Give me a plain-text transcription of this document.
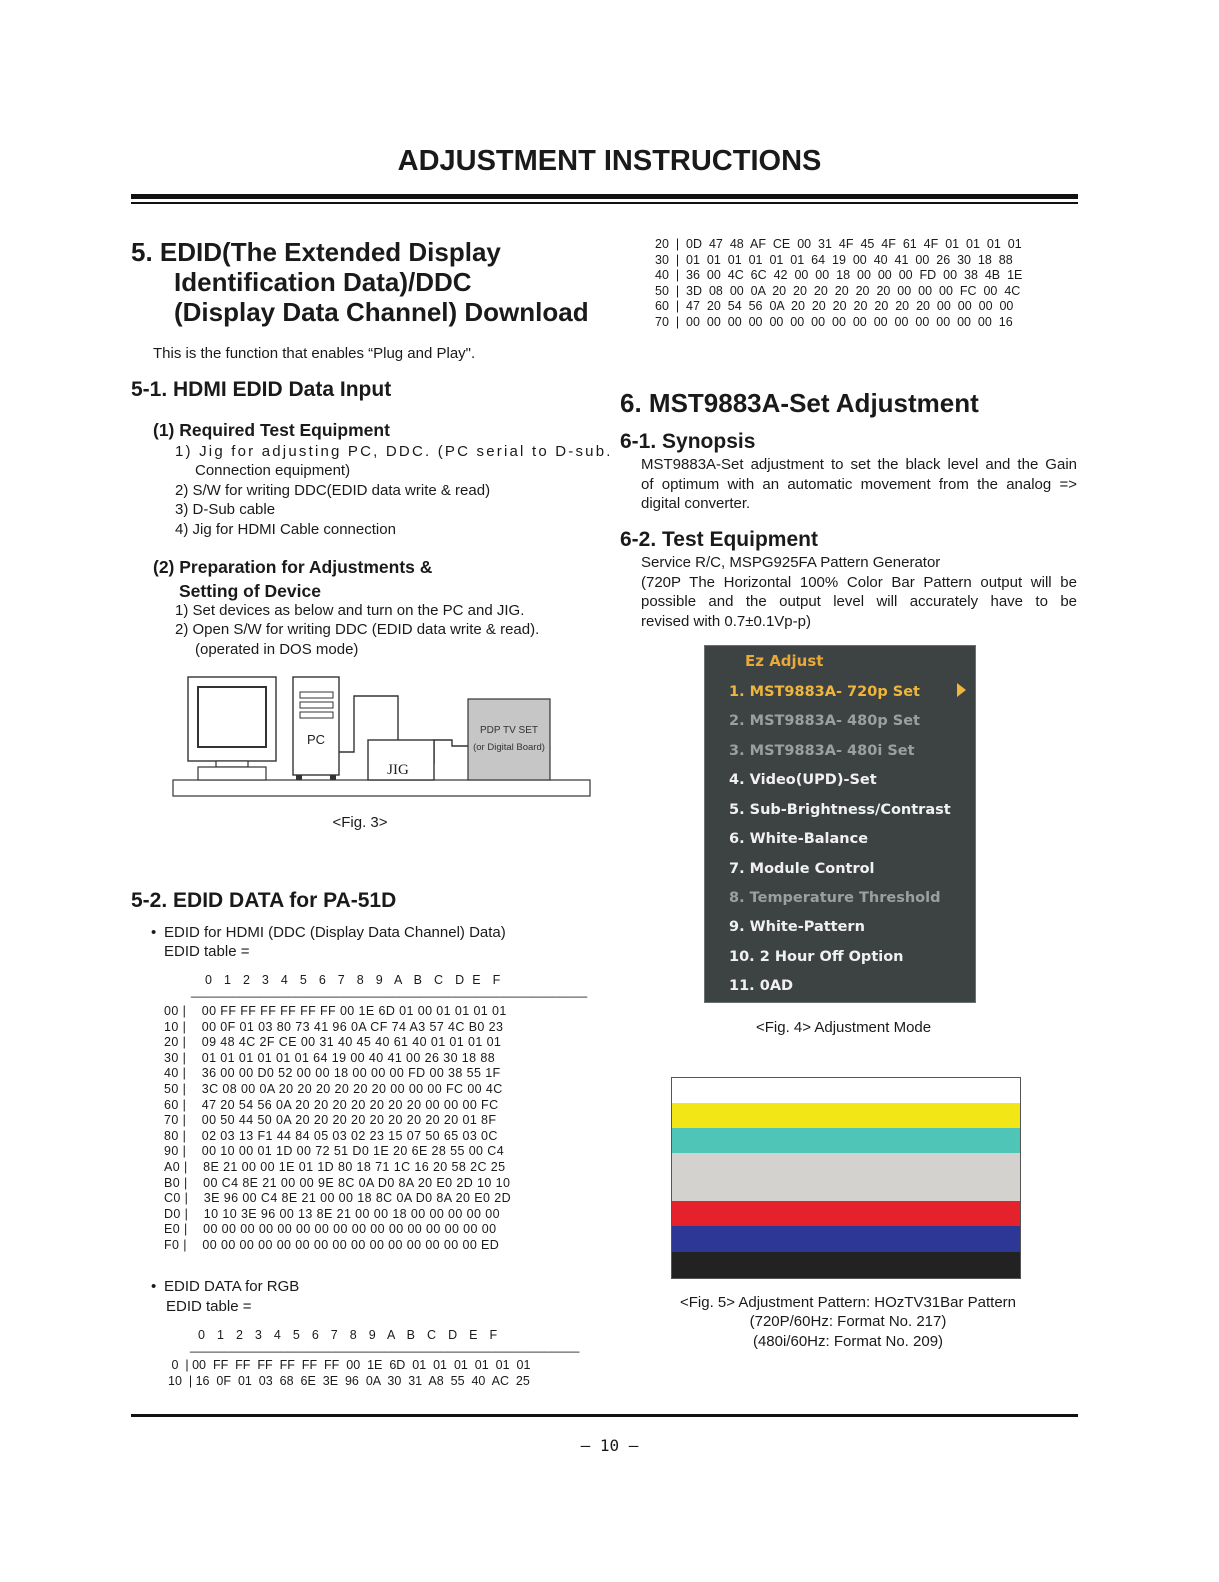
ADJUSTMENT INSTRUCTIONS
5. EDID(The Extended Display
Identification Data)/DDC
(Display Data Channel) Download
This is the function that enables “Plug and Play".
5-1. HDMI EDID Data Input
(1) Required Test Equipment
1) Jig for adjusting PC, DDC. (PC serial to D-sub.
Connection equipment)
2) S/W for writing DDC(EDID data write & read)
3) D-Sub cable
4) Jig for HDMI Cable connection
(2) Preparation for Adjustments &
Setting of Device
1) Set devices as below and turn on the PC and JIG.
2) Open S/W for writing DDC (EDID data write & read).
(operated in DOS mode)
PC
JIG
PDP TV SET
(or Digital Board)
<Fig. 3>
5-2. EDID DATA for PA-51D
• EDID for HDMI (DDC (Display Data Channel) Data)
EDID table =
0   1   2   3   4   5   6   7   8   9   A   B   C   D  E   F
_________________________________________________________
00 |    00 FF FF FF FF FF FF 00 1E 6D 01 00 01 01 01 01
10 |    00 0F 01 03 80 73 41 96 0A CF 74 A3 57 4C B0 23
20 |    09 48 4C 2F CE 00 31 40 45 40 61 40 01 01 01 01
30 |    01 01 01 01 01 01 64 19 00 40 41 00 26 30 18 88
40 |    36 00 00 D0 52 00 00 18 00 00 00 FD 00 38 55 1F
50 |    3C 08 00 0A 20 20 20 20 20 20 00 00 00 FC 00 4C
60 |    47 20 54 56 0A 20 20 20 20 20 20 20 00 00 00 FC
70 |    00 50 44 50 0A 20 20 20 20 20 20 20 20 20 01 8F
80 |    02 03 13 F1 44 84 05 03 02 23 15 07 50 65 03 0C
90 |    00 10 00 01 1D 00 72 51 D0 1E 20 6E 28 55 00 C4
A0 |    8E 21 00 00 1E 01 1D 80 18 71 1C 16 20 58 2C 25
B0 |    00 C4 8E 21 00 00 9E 8C 0A D0 8A 20 E0 2D 10 10
C0 |    3E 96 00 C4 8E 21 00 00 18 8C 0A D0 8A 20 E0 2D
D0 |    10 10 3E 96 00 13 8E 21 00 00 18 00 00 00 00 00
E0 |    00 00 00 00 00 00 00 00 00 00 00 00 00 00 00 00
F0 |    00 00 00 00 00 00 00 00 00 00 00 00 00 00 00 ED
• EDID DATA for RGB
EDID table =
0   1   2   3   4   5   6   7   8   9   A   B   C   D   E   F
________________________________________________________
0  | 00  FF  FF  FF  FF  FF  FF  00  1E  6D  01  01  01  01  01  01
10  | 16  0F  01  03  68  6E  3E  96  0A  30  31  A8  55  40  AC  25
20  |  0D  47  48  AF  CE  00  31  4F  45  4F  61  4F  01  01  01  01
30  |  01  01  01  01  01  01  64  19  00  40  41  00  26  30  18  88
40  |  36  00  4C  6C  42  00  00  18  00  00  00  FD  00  38  4B  1E
50  |  3D  08  00  0A  20  20  20  20  20  20  00  00  00  FC  00  4C
60  |  47  20  54  56  0A  20  20  20  20  20  20  20  00  00  00  00
70  |  00  00  00  00  00  00  00  00  00  00  00  00  00  00  00  16
6. MST9883A-Set Adjustment
6-1. Synopsis
MST9883A-Set adjustment to set the black level and the Gain
of optimum with an automatic movement from the analog =>
digital converter.
6-2. Test Equipment
Service R/C, MSPG925FA Pattern Generator
(720P The Horizontal 100% Color Bar Pattern output will be
possible and the output level will accurately have to be
revised with 0.7±0.1Vp-p)
Ez Adjust
1. MST9883A- 720p Set
2. MST9883A- 480p Set
3. MST9883A- 480i Set
4. Video(UPD)-Set
5. Sub-Brightness/Contrast
6. White-Balance
7. Module Control
8. Temperature Threshold
9. White-Pattern
10. 2 Hour Off Option
11. 0AD
<Fig. 4> Adjustment Mode
<Fig. 5> Adjustment Pattern: HOzTV31Bar Pattern
(720P/60Hz: Format No. 217)
(480i/60Hz: Format No. 209)
– 10 –
